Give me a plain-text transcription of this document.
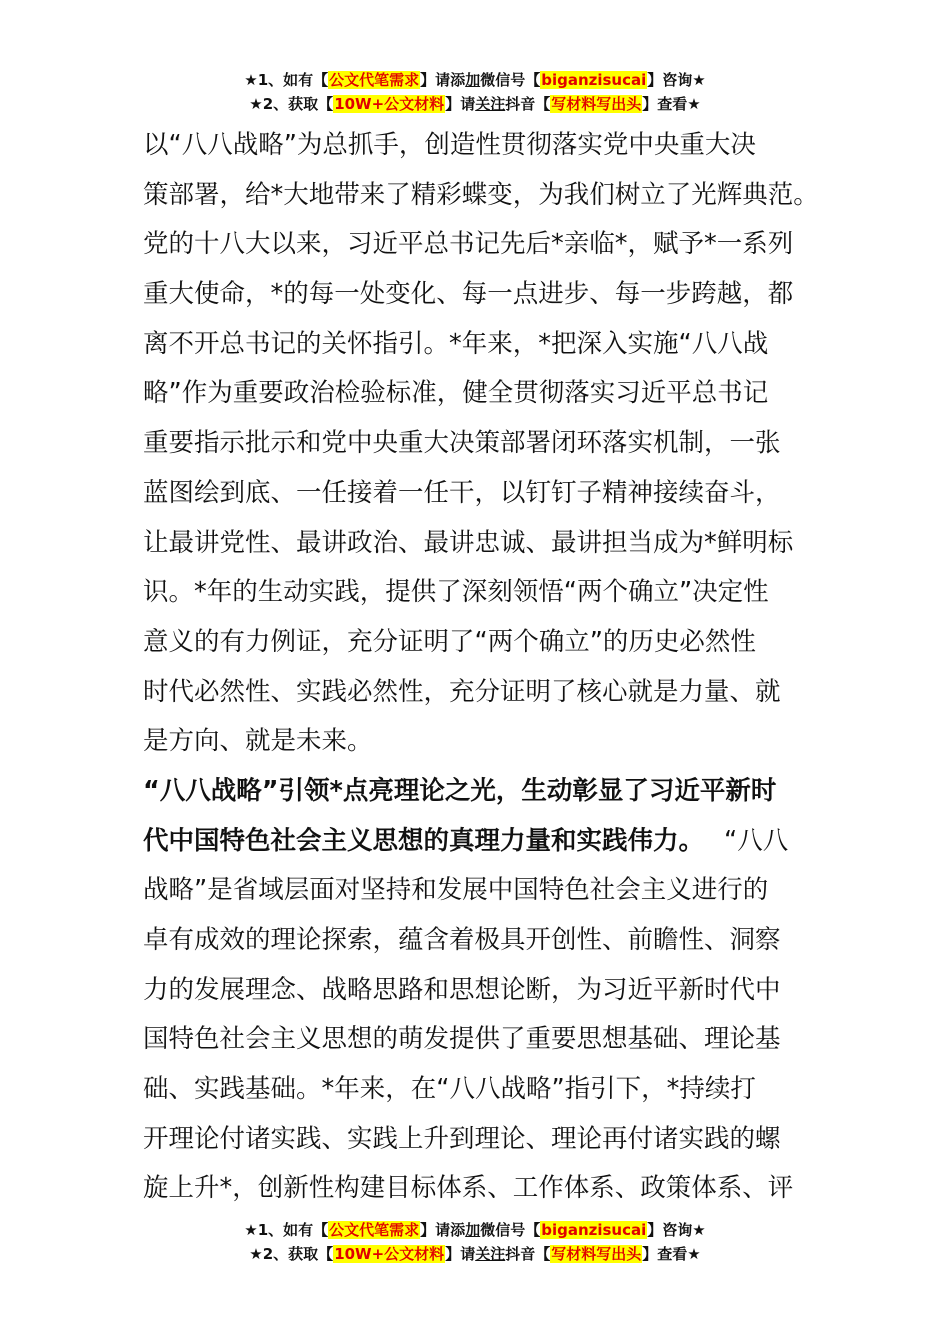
★1、如有【公文代笔需求】请添加微信号【biganzisucai】咨询★
★2、获取【10W+公文材料】请关注抖音【写材料写出头】查看★
以“八八战略”为总抓手，创造性贯彻落实党中央重大决
策部署，给*大地带来了精彩蝶变，为我们树立了光辉典范。
党的十八大以来，习近平总书记先后*亲临*，赋予*一系列
重大使命，*的每一处变化、每一点进步、每一步跨越，都
离不开总书记的关怀指引。*年来，*把深入实施“八八战
略”作为重要政治检验标准，健全贯彻落实习近平总书记
重要指示批示和党中央重大决策部署闭环落实机制，一张
蓝图绘到底、一任接着一任干，以钉钉子精神接续奋斗，
让最讲党性、最讲政治、最讲忠诚、最讲担当成为*鲜明标
识。*年的生动实践，提供了深刻领悟“两个确立”决定性
意义的有力例证，充分证明了“两个确立”的历史必然性
时代必然性、实践必然性，充分证明了核心就是力量、就
是方向、就是未来。
“八八战略”引领*点亮理论之光，生动彰显了习近平新时
代中国特色社会主义思想的真理力量和实践伟力。 “八八
战略”是省域层面对坚持和发展中国特色社会主义进行的
卓有成效的理论探索，蕴含着极具开创性、前瞻性、洞察
力的发展理念、战略思路和思想论断，为习近平新时代中
国特色社会主义思想的萌发提供了重要思想基础、理论基
础、实践基础。*年来，在“八八战略”指引下，*持续打
开理论付诸实践、实践上升到理论、理论再付诸实践的螺
旋上升*，创新性构建目标体系、工作体系、政策体系、评
★1、如有【公文代笔需求】请添加微信号【biganzisucai】咨询★
★2、获取【10W+公文材料】请关注抖音【写材料写出头】查看★
